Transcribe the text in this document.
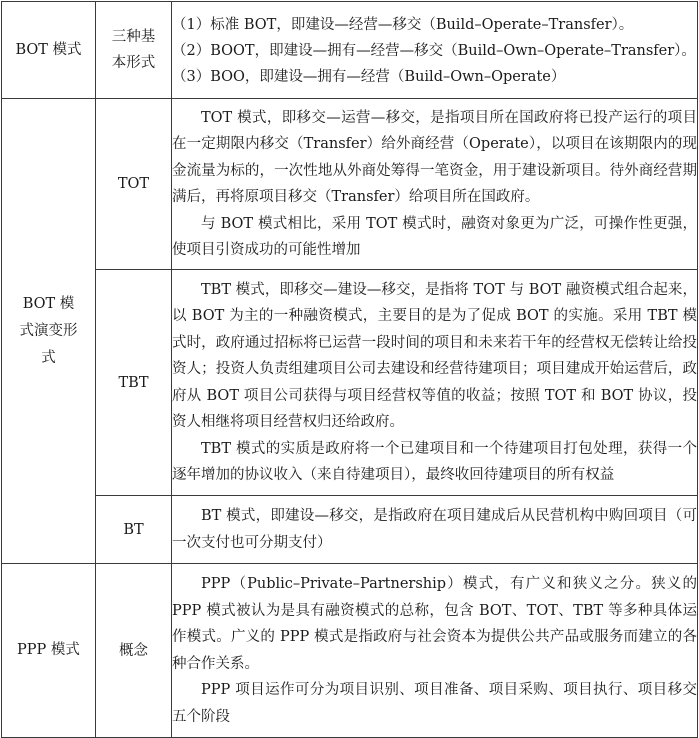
BOT 模式	三种基本形式	（1）标准 BOT，即建设—经营—移交（Build–Operate–Transfer）。
（2）BOOT，即建设—拥有—经营—移交（Build–Own–Operate–Transfer）。
（3）BOO，即建设—拥有—经营（Build–Own–Operate）

BOT 模式演变形式	TOT	TOT 模式，即移交—运营—移交，是指项目所在国政府将已投产运行的项目在一定期限内移交（Transfer）给外商经营（Operate），以项目在该期限内的现金流量为标的，一次性地从外商处筹得一笔资金，用于建设新项目。待外商经营期满后，再将原项目移交（Transfer）给项目所在国政府。

与 BOT 模式相比，采用 TOT 模式时，融资对象更为广泛，可操作性更强，使项目引资成功的可能性增加

	TBT	TBT 模式，即移交—建设—移交，是指将 TOT 与 BOT 融资模式组合起来，以 BOT 为主的一种融资模式，主要目的是为了促成 BOT 的实施。采用 TBT 模式时，政府通过招标将已运营一段时间的项目和未来若干年的经营权无偿转让给投资人；投资人负责组建项目公司去建设和经营待建项目；项目建成开始运营后，政府从 BOT 项目公司获得与项目经营权等值的收益；按照 TOT 和 BOT 协议，投资人相继将项目经营权归还给政府。

TBT 模式的实质是政府将一个已建项目和一个待建项目打包处理，获得一个逐年增加的协议收入（来自待建项目），最终收回待建项目的所有权益

	BT	BT 模式，即建设—移交，是指政府在项目建成后从民营机构中购回项目（可一次支付也可分期支付）

PPP 模式	概念	PPP（Public–Private–Partnership）模式，有广义和狭义之分。狭义的 PPP 模式被认为是具有融资模式的总称，包含 BOT、TOT、TBT 等多种具体运作模式。广义的 PPP 模式是指政府与社会资本为提供公共产品或服务而建立的各种合作关系。

PPP 项目运作可分为项目识别、项目准备、项目采购、项目执行、项目移交五个阶段
